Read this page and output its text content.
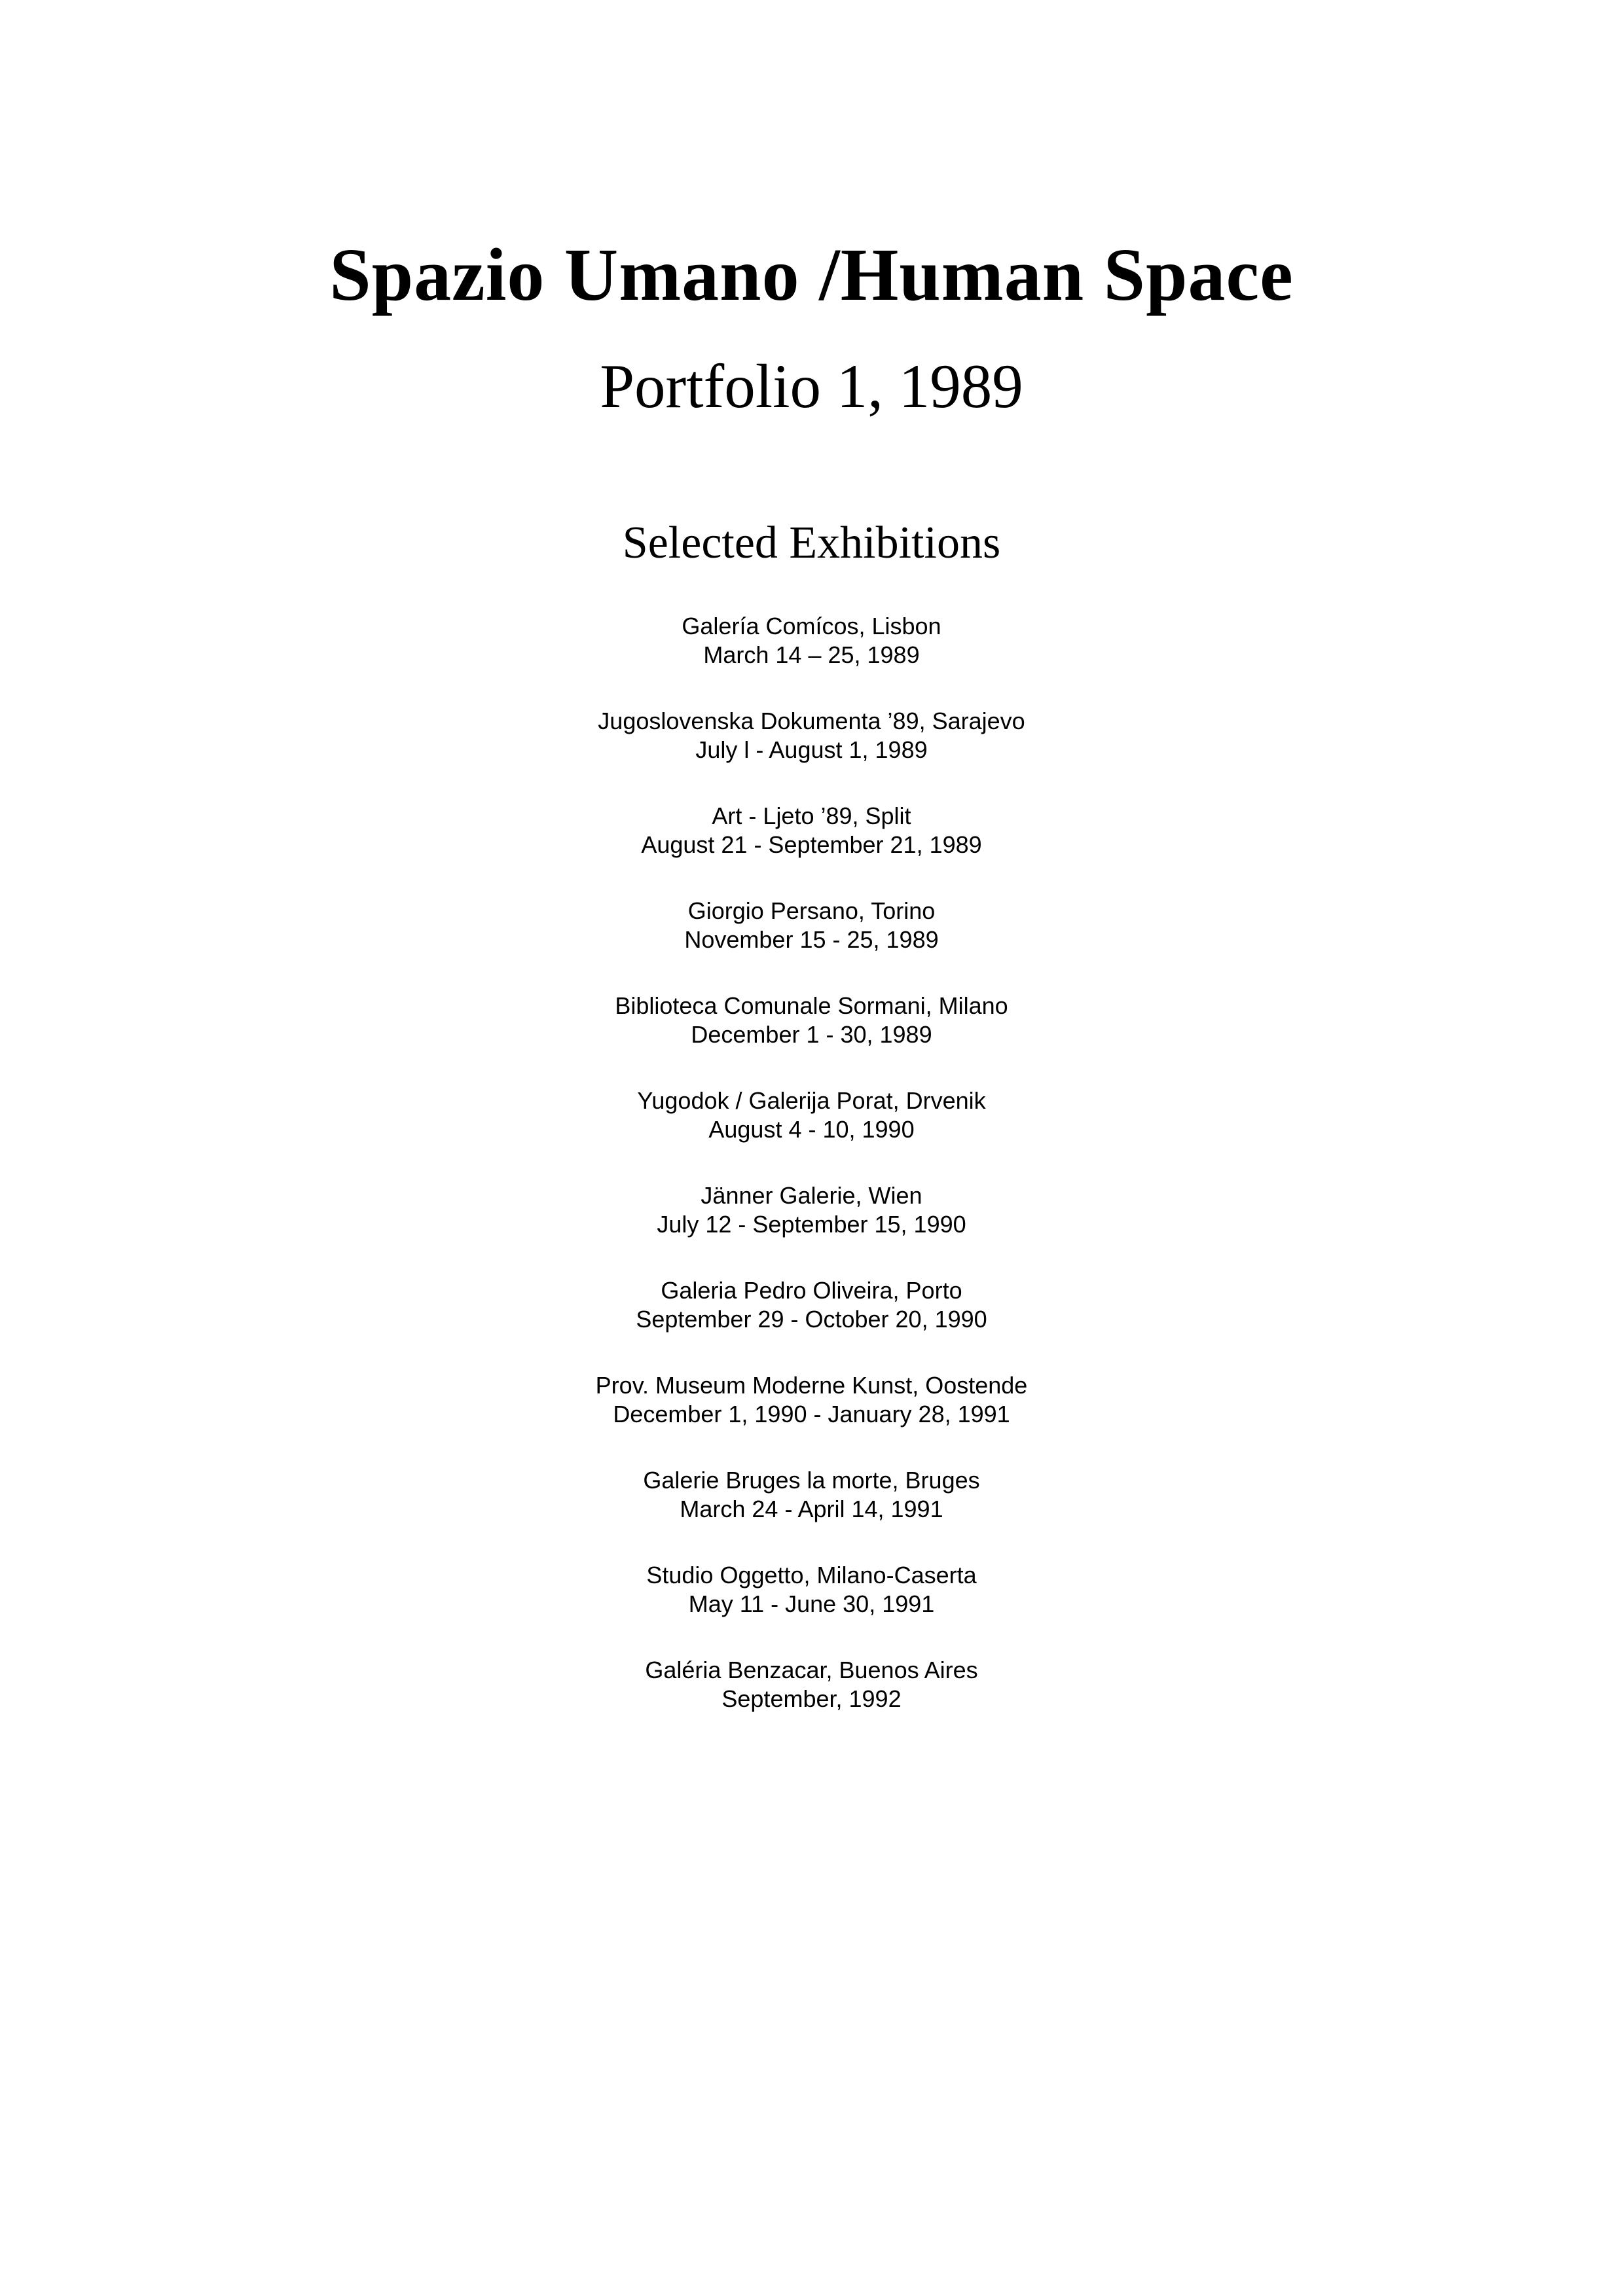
Spazio Umano /Human Space
Portfolio 1, 1989
Selected Exhibitions
Galería Comícos, Lisbon
March 14 – 25, 1989
Jugoslovenska Dokumenta ’89, Sarajevo
July l - August 1, 1989
Art - Ljeto ’89, Split
August 21 - September 21, 1989
Giorgio Persano, Torino
November 15 - 25, 1989
Biblioteca Comunale Sormani, Milano
December 1 - 30, 1989
Yugodok / Galerija Porat, Drvenik
August 4 - 10, 1990
Jänner Galerie, Wien
July 12 - September 15, 1990
Galeria Pedro Oliveira, Porto
September 29 - October 20, 1990
Prov. Museum Moderne Kunst, Oostende
December 1, 1990 - January 28, 1991
Galerie Bruges la morte, Bruges
March 24 - April 14, 1991
Studio Oggetto, Milano-Caserta
May 11 - June 30, 1991
Galéria Benzacar, Buenos Aires
September, 1992
